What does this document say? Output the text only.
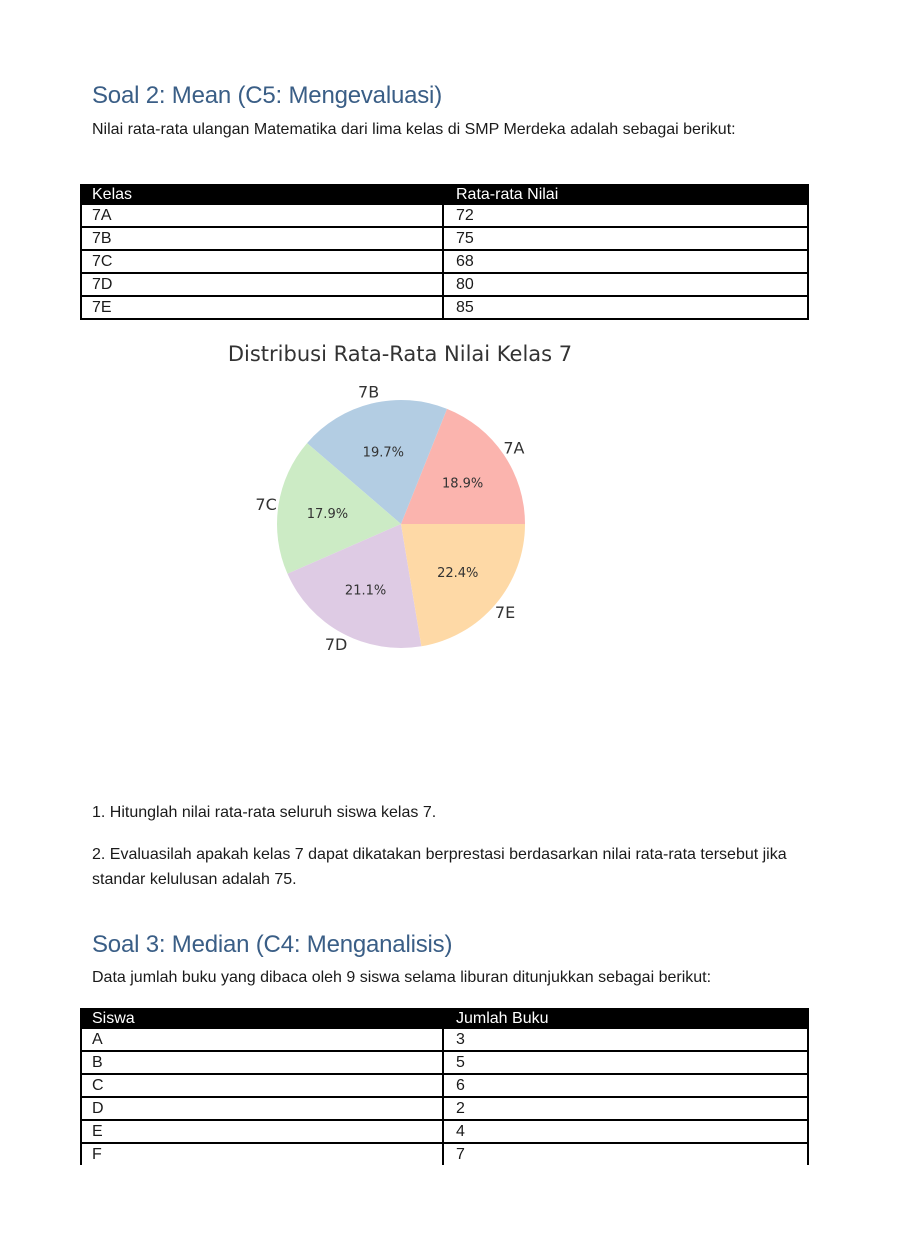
Soal 2: Mean (C5: Mengevaluasi)

Nilai rata-rata ulangan Matematika dari lima kelas di SMP Merdeka adalah sebagai berikut:

Kelas	Rata-rata Nilai
7A	72
7B	75
7C	68
7D	80
7E	85
Distribusi Rata-Rata Nilai Kelas 7
18.9%
7A
19.7%
7B
17.9%
7C
21.1%
7D
22.4%
7E

1. Hitunglah nilai rata-rata seluruh siswa kelas 7.

2. Evaluasilah apakah kelas 7 dapat dikatakan berprestasi berdasarkan nilai rata-rata tersebut jika standar kelulusan adalah 75.

Soal 3: Median (C4: Menganalisis)

Data jumlah buku yang dibaca oleh 9 siswa selama liburan ditunjukkan sebagai berikut:

Siswa	Jumlah Buku
A	3
B	5
C	6
D	2
E	4
F	7
